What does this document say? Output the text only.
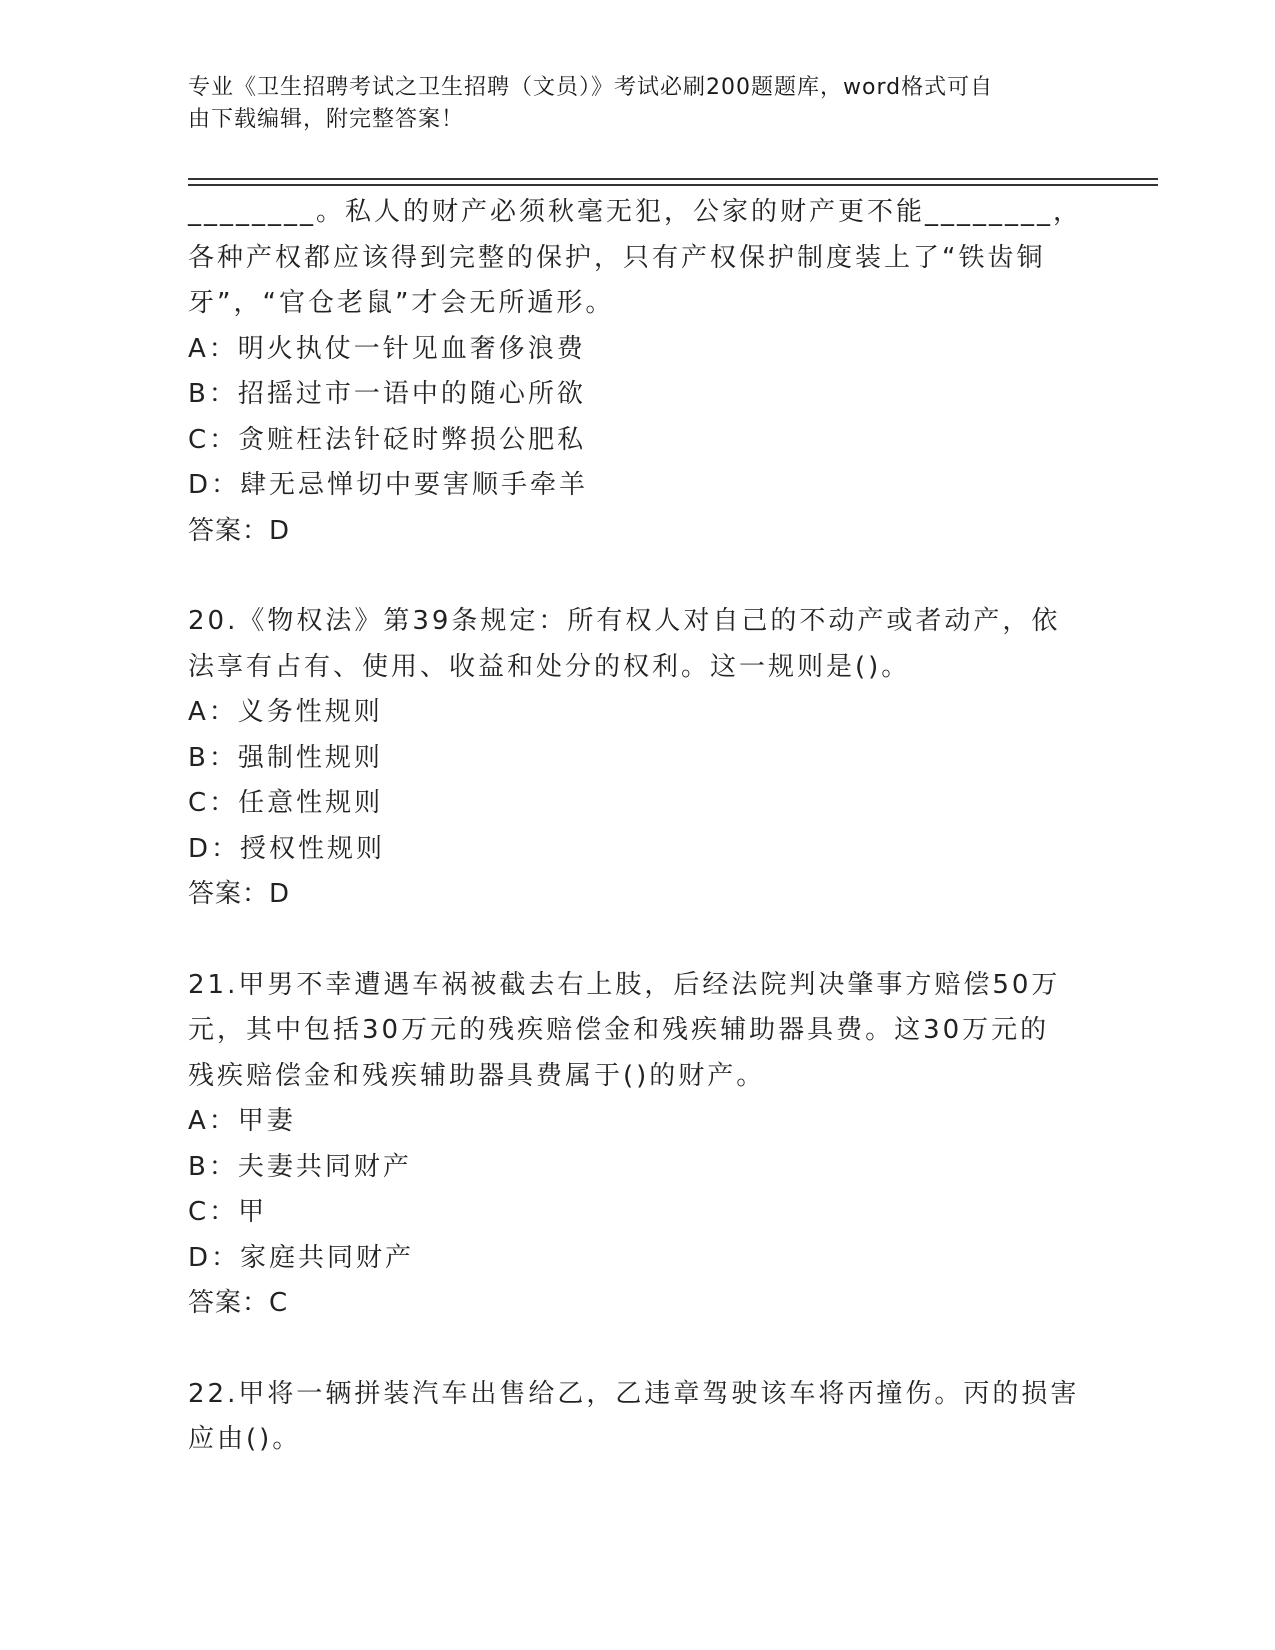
专业《卫生招聘考试之卫生招聘（文员）》考试必刷200题题库，word格式可自
由下载编辑，附完整答案！
________。私人的财产必须秋毫无犯，公家的财产更不能________，
各种产权都应该得到完整的保护，只有产权保护制度装上了“铁齿铜
牙”，“官仓老鼠”才会无所遁形。
A：明火执仗一针见血奢侈浪费
B：招摇过市一语中的随心所欲
C：贪赃枉法针砭时弊损公肥私
D：肆无忌惮切中要害顺手牵羊
答案：D
20.《物权法》第39条规定：所有权人对自己的不动产或者动产，依
法享有占有、使用、收益和处分的权利。这一规则是()。
A：义务性规则
B：强制性规则
C：任意性规则
D：授权性规则
答案：D
21.甲男不幸遭遇车祸被截去右上肢，后经法院判决肇事方赔偿50万
元，其中包括30万元的残疾赔偿金和残疾辅助器具费。这30万元的
残疾赔偿金和残疾辅助器具费属于()的财产。
A：甲妻
B：夫妻共同财产
C：甲
D：家庭共同财产
答案：C
22.甲将一辆拼装汽车出售给乙，乙违章驾驶该车将丙撞伤。丙的损害
应由()。
